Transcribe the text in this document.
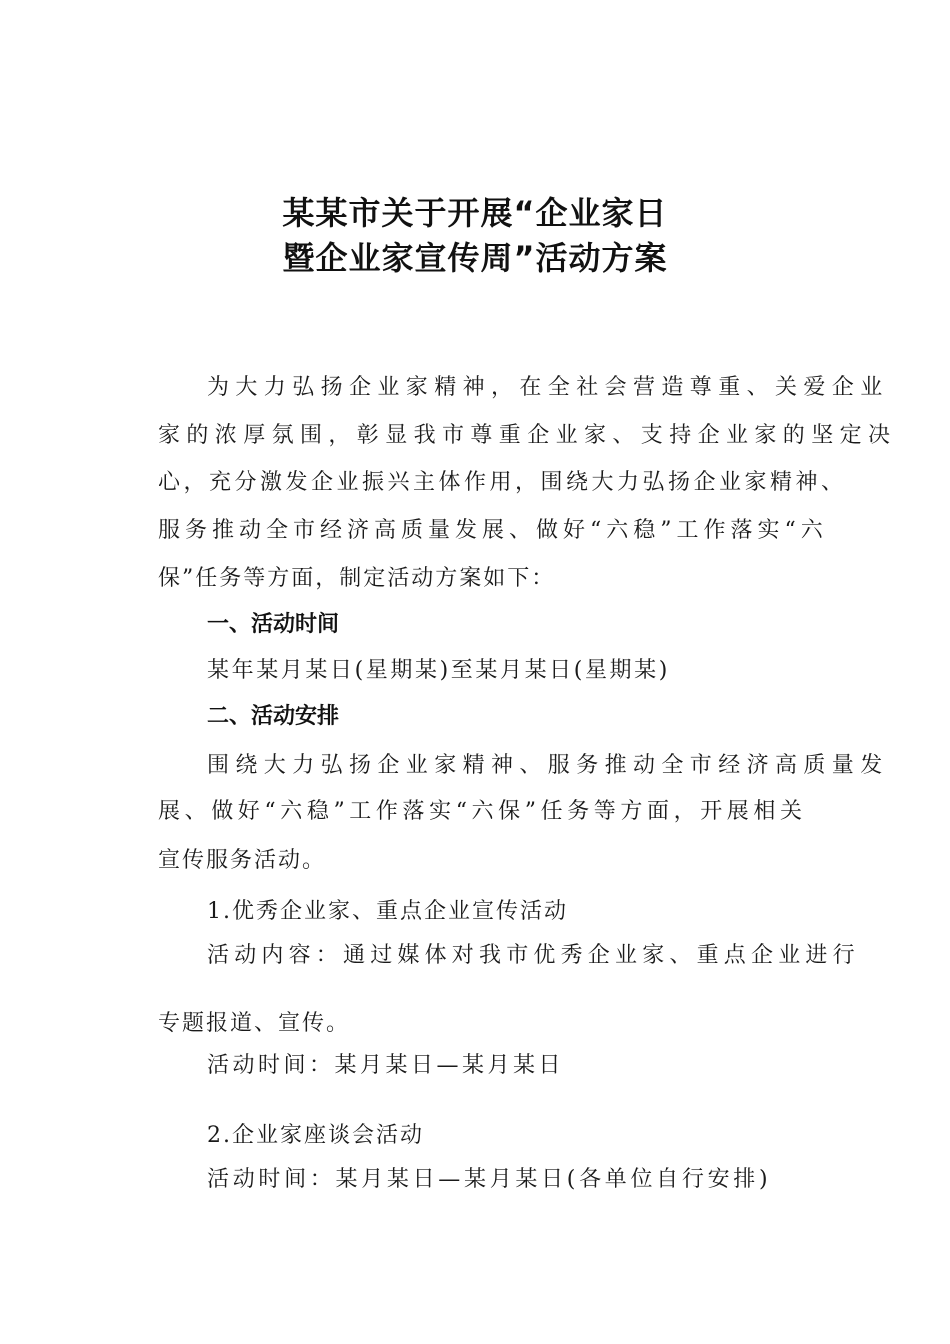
某某市关于开展“企业家日
暨企业家宣传周”活动方案

为大力弘扬企业家精神，在全社会营造尊重、关爱企业

家的浓厚氛围，彰显我市尊重企业家、支持企业家的坚定决

心，充分激发企业振兴主体作用，围绕大力弘扬企业家精神、

服务推动全市经济高质量发展、做好“六稳”工作落实“六

保”任务等方面，制定活动方案如下：

一、活动时间

某年某月某日(星期某)至某月某日(星期某)

二、活动安排

围绕大力弘扬企业家精神、服务推动全市经济高质量发

展、做好“六稳”工作落实“六保”任务等方面，开展相关

宣传服务活动。

1.优秀企业家、重点企业宣传活动

活动内容：通过媒体对我市优秀企业家、重点企业进行

专题报道、宣传。

活动时间：某月某日—某月某日

2.企业家座谈会活动

活动时间：某月某日—某月某日(各单位自行安排)
